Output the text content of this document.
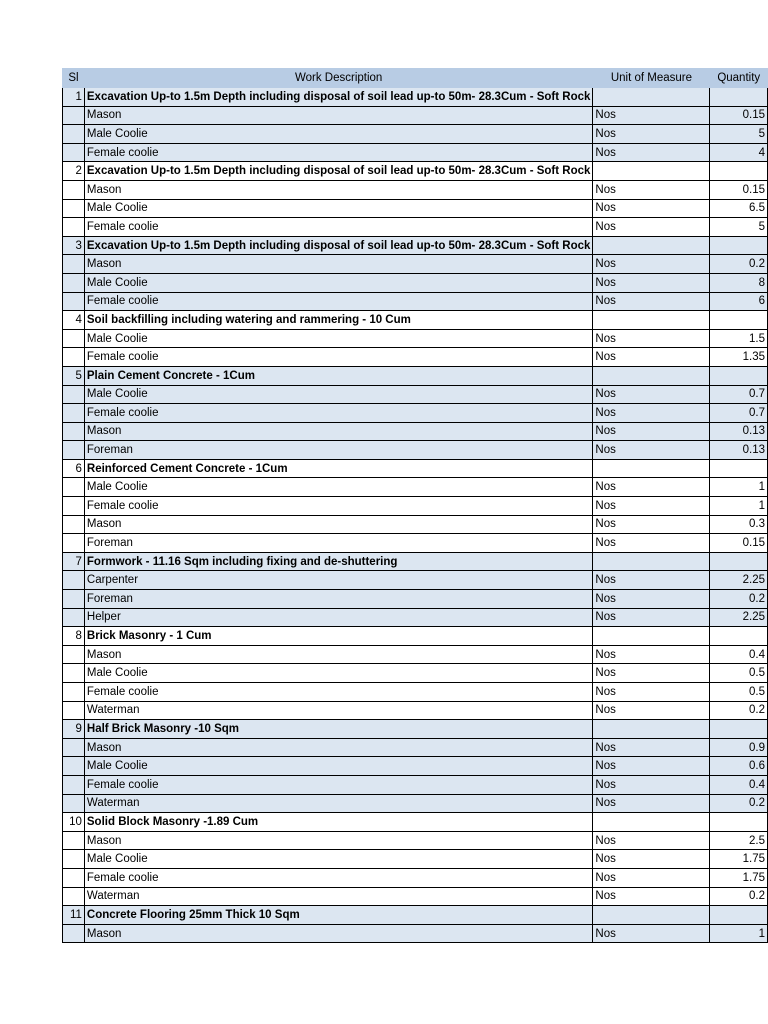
Sl	Work Description	Unit of Measure	Quantity
1	Excavation Up-to 1.5m Depth including disposal of soil lead up-to 50m- 28.3Cum - Soft Rock		
	Mason	Nos	0.15
	Male Coolie	Nos	5
	Female coolie	Nos	4
2	Excavation Up-to 1.5m Depth including disposal of soil lead up-to 50m- 28.3Cum - Soft Rock		
	Mason	Nos	0.15
	Male Coolie	Nos	6.5
	Female coolie	Nos	5
3	Excavation Up-to 1.5m Depth including disposal of soil lead up-to 50m- 28.3Cum - Soft Rock		
	Mason	Nos	0.2
	Male Coolie	Nos	8
	Female coolie	Nos	6
4	Soil backfilling including watering and rammering - 10 Cum		
	Male Coolie	Nos	1.5
	Female coolie	Nos	1.35
5	Plain Cement Concrete - 1Cum		
	Male Coolie	Nos	0.7
	Female coolie	Nos	0.7
	Mason	Nos	0.13
	Foreman	Nos	0.13
6	Reinforced Cement Concrete - 1Cum		
	Male Coolie	Nos	1
	Female coolie	Nos	1
	Mason	Nos	0.3
	Foreman	Nos	0.15
7	Formwork - 11.16 Sqm including fixing and de-shuttering		
	Carpenter	Nos	2.25
	Foreman	Nos	0.2
	Helper	Nos	2.25
8	Brick Masonry - 1 Cum		
	Mason	Nos	0.4
	Male Coolie	Nos	0.5
	Female coolie	Nos	0.5
	Waterman	Nos	0.2
9	Half Brick Masonry -10 Sqm		
	Mason	Nos	0.9
	Male Coolie	Nos	0.6
	Female coolie	Nos	0.4
	Waterman	Nos	0.2
10	Solid Block Masonry -1.89 Cum		
	Mason	Nos	2.5
	Male Coolie	Nos	1.75
	Female coolie	Nos	1.75
	Waterman	Nos	0.2
11	Concrete Flooring 25mm Thick 10 Sqm		
	Mason	Nos	1
